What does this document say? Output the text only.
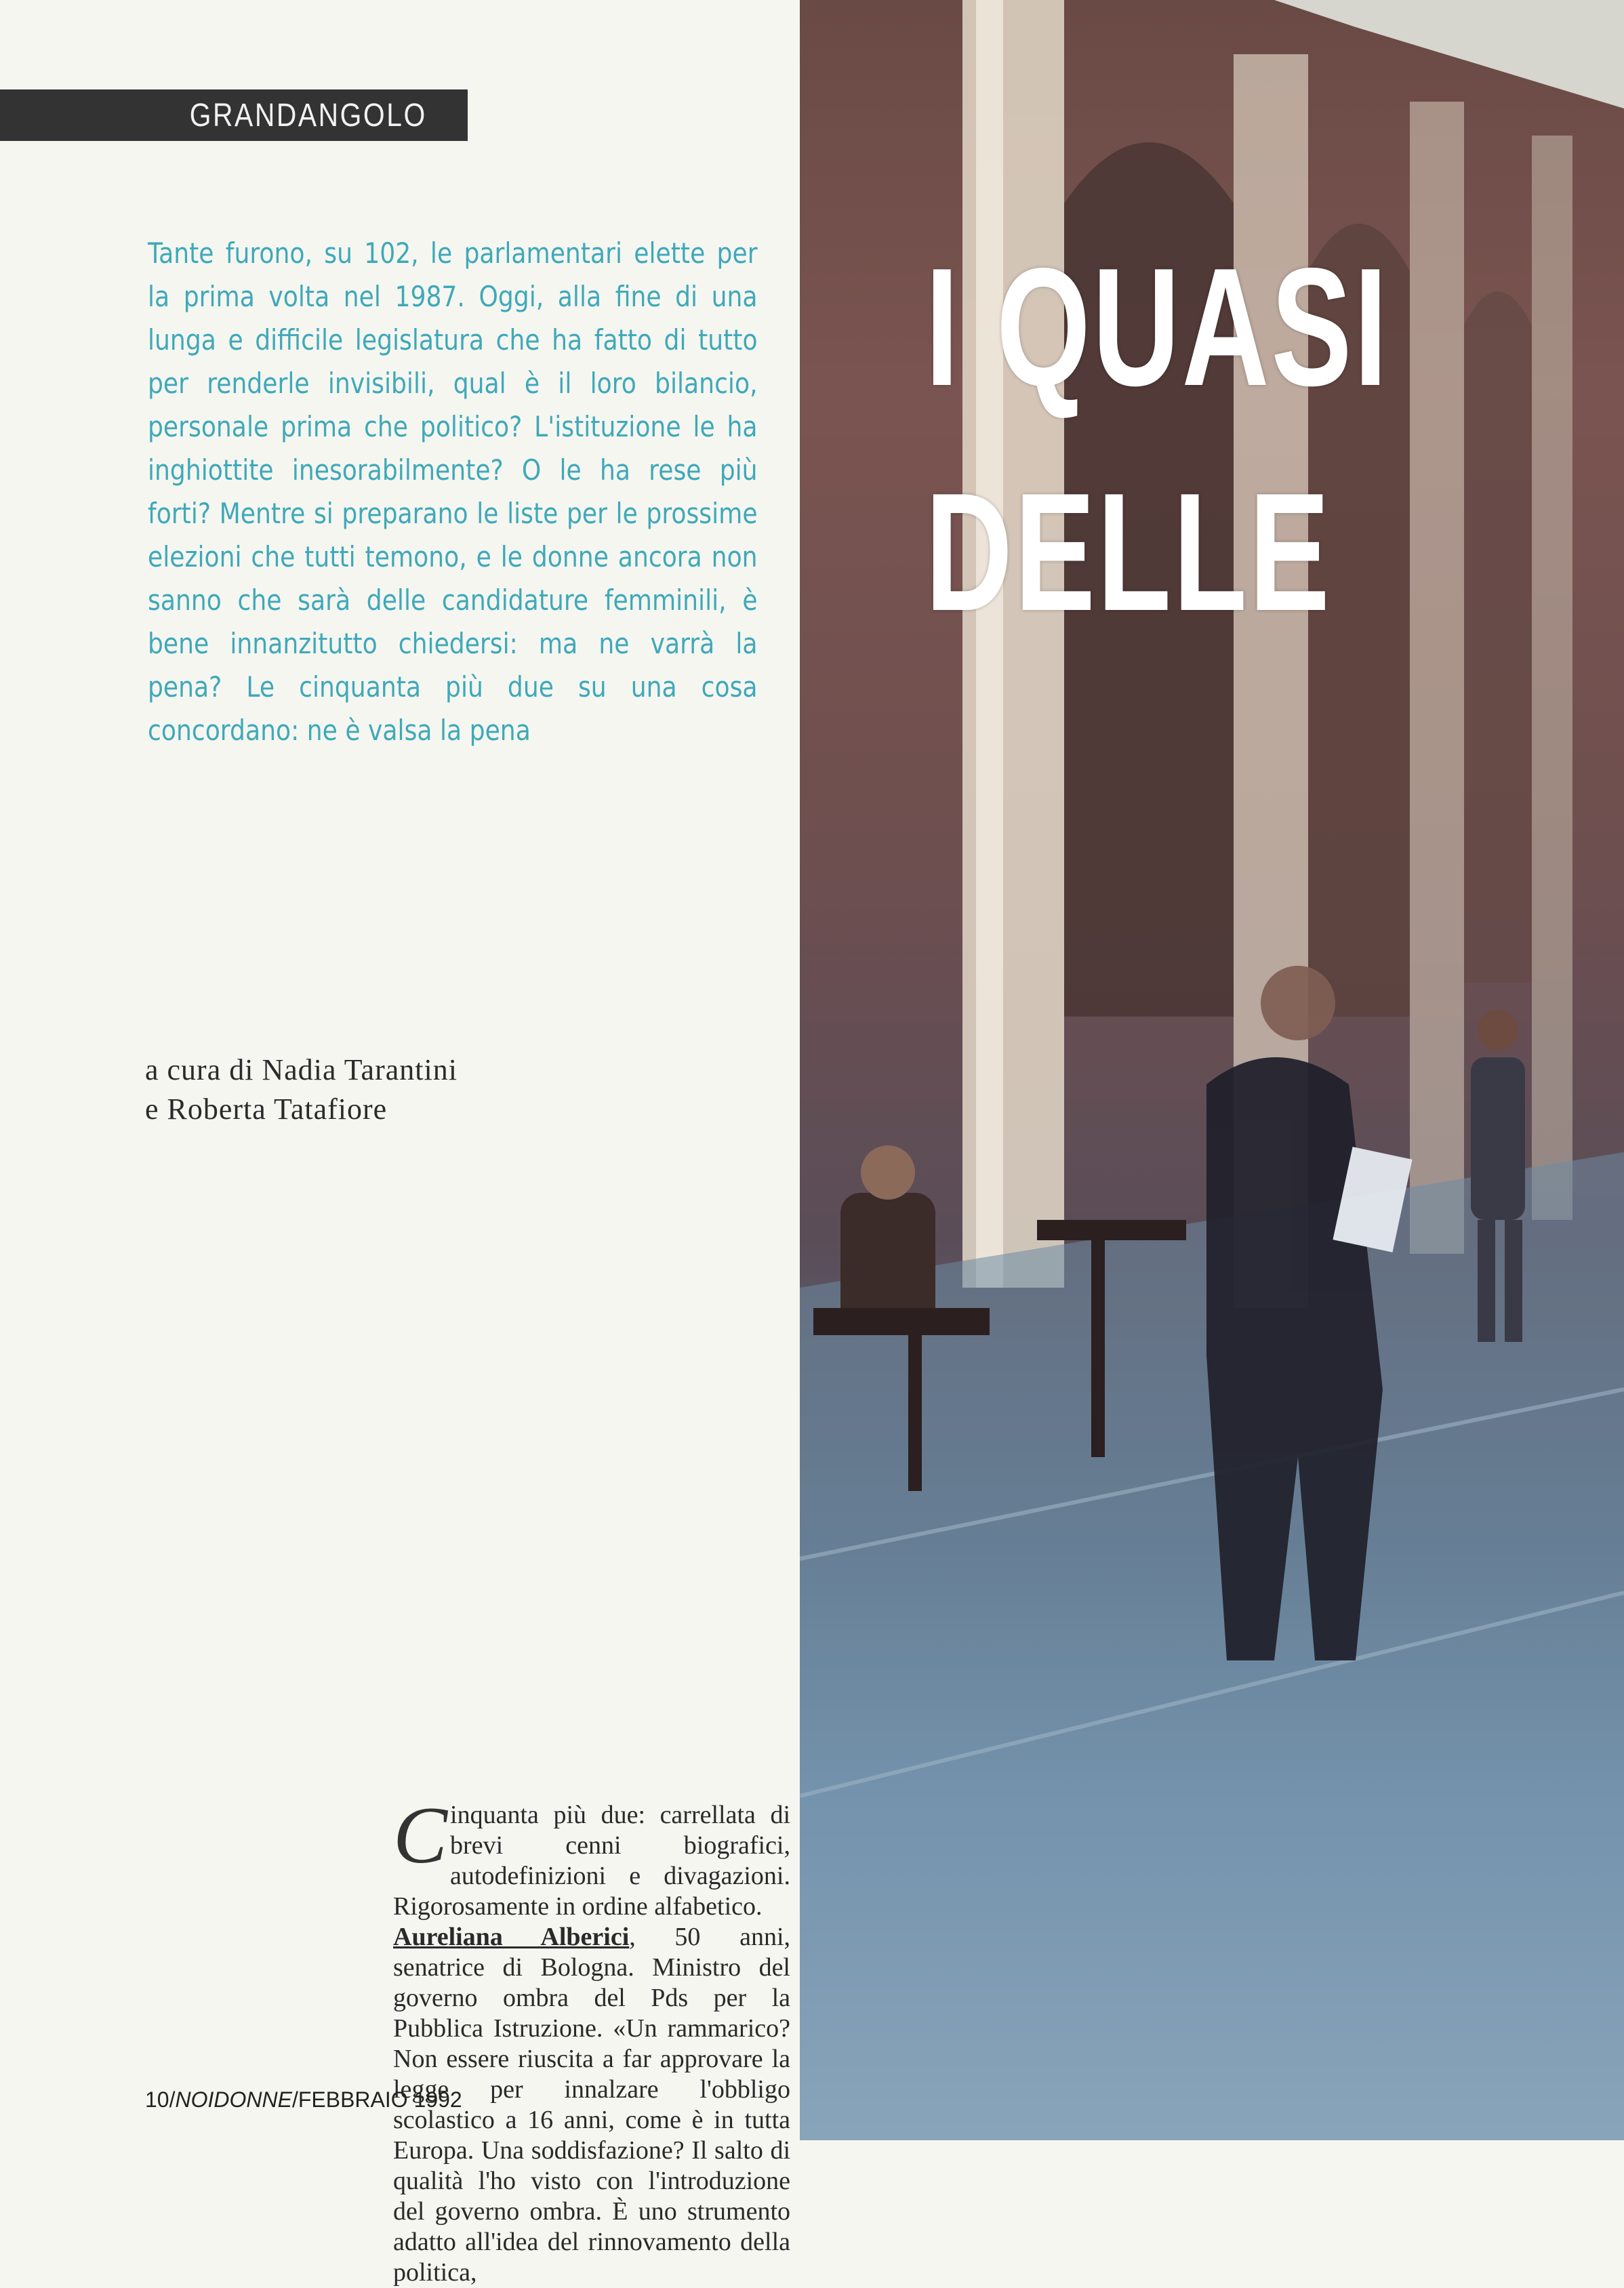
GRANDANGOLO

Tante furono, su 102, le parlamentari elette per la prima volta nel 1987. Oggi, alla fine di una lunga e difficile legislatura che ha fatto di tutto per renderle invisibili, qual è il loro bilancio, personale prima che politico? L'istituzione le ha inghiottite inesorabilmente? O le ha rese più forti? Mentre si preparano le liste per le prossime elezioni che tutti temono, e le donne ancora non sanno che sarà delle candidature femminili, è bene innanzitutto chiedersi: ma ne varrà la pena? Le cinquanta più due su una cosa concordano: ne è valsa la pena

I QUASI
DELLE
a cura di Nadia Tarantini
e Roberta Tatafiore

Cinquanta più due: carrellata di brevi cenni biografici, autodefinizioni e divagazioni. Rigorosamente in ordine alfabetico.

Aureliana Alberici, 50 anni, senatrice di Bologna. Ministro del governo ombra del Pds per la Pubblica Istruzione. «Un rammarico? Non essere riuscita a far approvare la legge per innalzare l'obbligo scolastico a 16 anni, come è in tutta Europa. Una soddisfazione? Il salto di qualità l'ho visto con l'introduzione del governo ombra. È uno strumento adatto all'idea del rinnovamento della politica,

10/NOIDONNE/FEBBRAIO 1992
